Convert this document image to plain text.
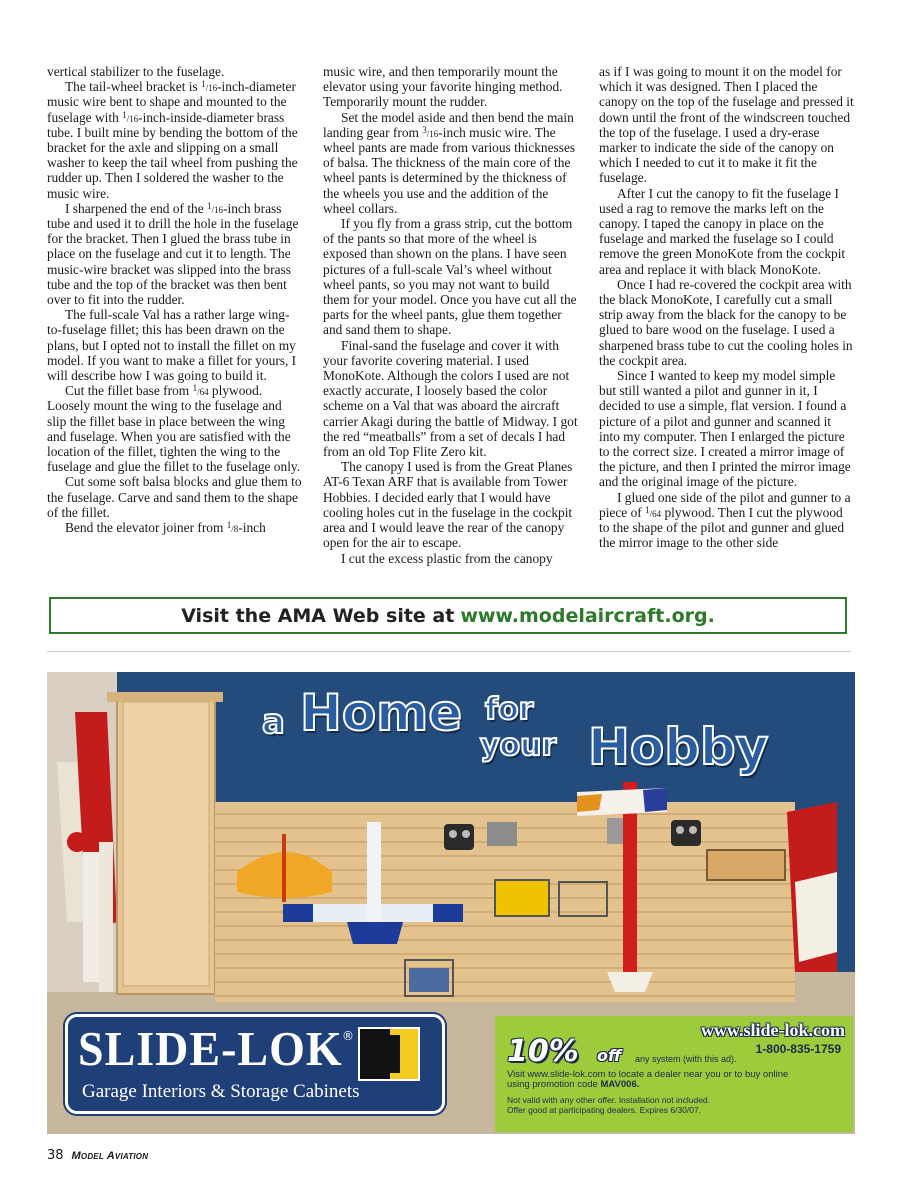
vertical stabilizer to the fuselage.

The tail-wheel bracket is $^1$/16-inch-diameter music wire bent to shape and mounted to the fuselage with $^1$/16-inch-inside-diameter brass tube. I built mine by bending the bottom of the bracket for the axle and slipping on a small washer to keep the tail wheel from pushing the rudder up. Then I soldered the washer to the music wire.

I sharpened the end of the $^1$/16-inch brass tube and used it to drill the hole in the fuselage for the bracket. Then I glued the brass tube in place on the fuselage and cut it to length. The music-wire bracket was slipped into the brass tube and the top of the bracket was then bent over to fit into the rudder.

The full-scale Val has a rather large wing-to-fuselage fillet; this has been drawn on the plans, but I opted not to install the fillet on my model. If you want to make a fillet for yours, I will describe how I was going to build it.

Cut the fillet base from $^1$/64 plywood. Loosely mount the wing to the fuselage and slip the fillet base in place between the wing and fuselage. When you are satisfied with the location of the fillet, tighten the wing to the fuselage and glue the fillet to the fuselage only.

Cut some soft balsa blocks and glue them to the fuselage. Carve and sand them to the shape of the fillet.

Bend the elevator joiner from $^1$/8-inch

music wire, and then temporarily mount the elevator using your favorite hinging method. Temporarily mount the rudder.

Set the model aside and then bend the main landing gear from $^3$/16-inch music wire. The wheel pants are made from various thicknesses of balsa. The thickness of the main core of the wheel pants is determined by the thickness of the wheels you use and the addition of the wheel collars.

If you fly from a grass strip, cut the bottom of the pants so that more of the wheel is exposed than shown on the plans. I have seen pictures of a full-scale Val’s wheel without wheel pants, so you may not want to build them for your model. Once you have cut all the parts for the wheel pants, glue them together and sand them to shape.

Final-sand the fuselage and cover it with your favorite covering material. I used MonoKote. Although the colors I used are not exactly accurate, I loosely based the color scheme on a Val that was aboard the aircraft carrier Akagi during the battle of Midway. I got the red “meatballs” from a set of decals I had from an old Top Flite Zero kit.

The canopy I used is from the Great Planes AT-6 Texan ARF that is available from Tower Hobbies. I decided early that I would have cooling holes cut in the fuselage in the cockpit area and I would leave the rear of the canopy open for the air to escape.

I cut the excess plastic from the canopy

as if I was going to mount it on the model for which it was designed. Then I placed the canopy on the top of the fuselage and pressed it down until the front of the windscreen touched the top of the fuselage. I used a dry-erase marker to indicate the side of the canopy on which I needed to cut it to make it fit the fuselage.

After I cut the canopy to fit the fuselage I used a rag to remove the marks left on the canopy. I taped the canopy in place on the fuselage and marked the fuselage so I could remove the green MonoKote from the cockpit area and replace it with black MonoKote.

Once I had re-covered the cockpit area with the black MonoKote, I carefully cut a small strip away from the black for the canopy to be glued to bare wood on the fuselage. I used a sharpened brass tube to cut the cooling holes in the cockpit area.

Since I wanted to keep my model simple but still wanted a pilot and gunner in it, I decided to use a simple, flat version. I found a picture of a pilot and gunner and scanned it into my computer. Then I enlarged the picture to the correct size. I created a mirror image of the picture, and then I printed the mirror image and the original image of the picture.

I glued one side of the pilot and gunner to a piece of $^1$/64 plywood. Then I cut the plywood to the shape of the pilot and gunner and glued the mirror image to the other side

Visit the AMA Web site at www.modelaircraft.org.
a Home for
your Hobby
SLIDE-LOK ®
Garage Interiors & Storage Cabinets
www.slide-lok.com
1-800-835-1759
10% off any system (with this ad).
Visit www.slide-lok.com to locate a dealer near you or to buy online
using promotion code MAV006.
Not valid with any other offer. Installation not included.
Offer good at participating dealers. Expires 6/30/07.
38 Model Aviation
